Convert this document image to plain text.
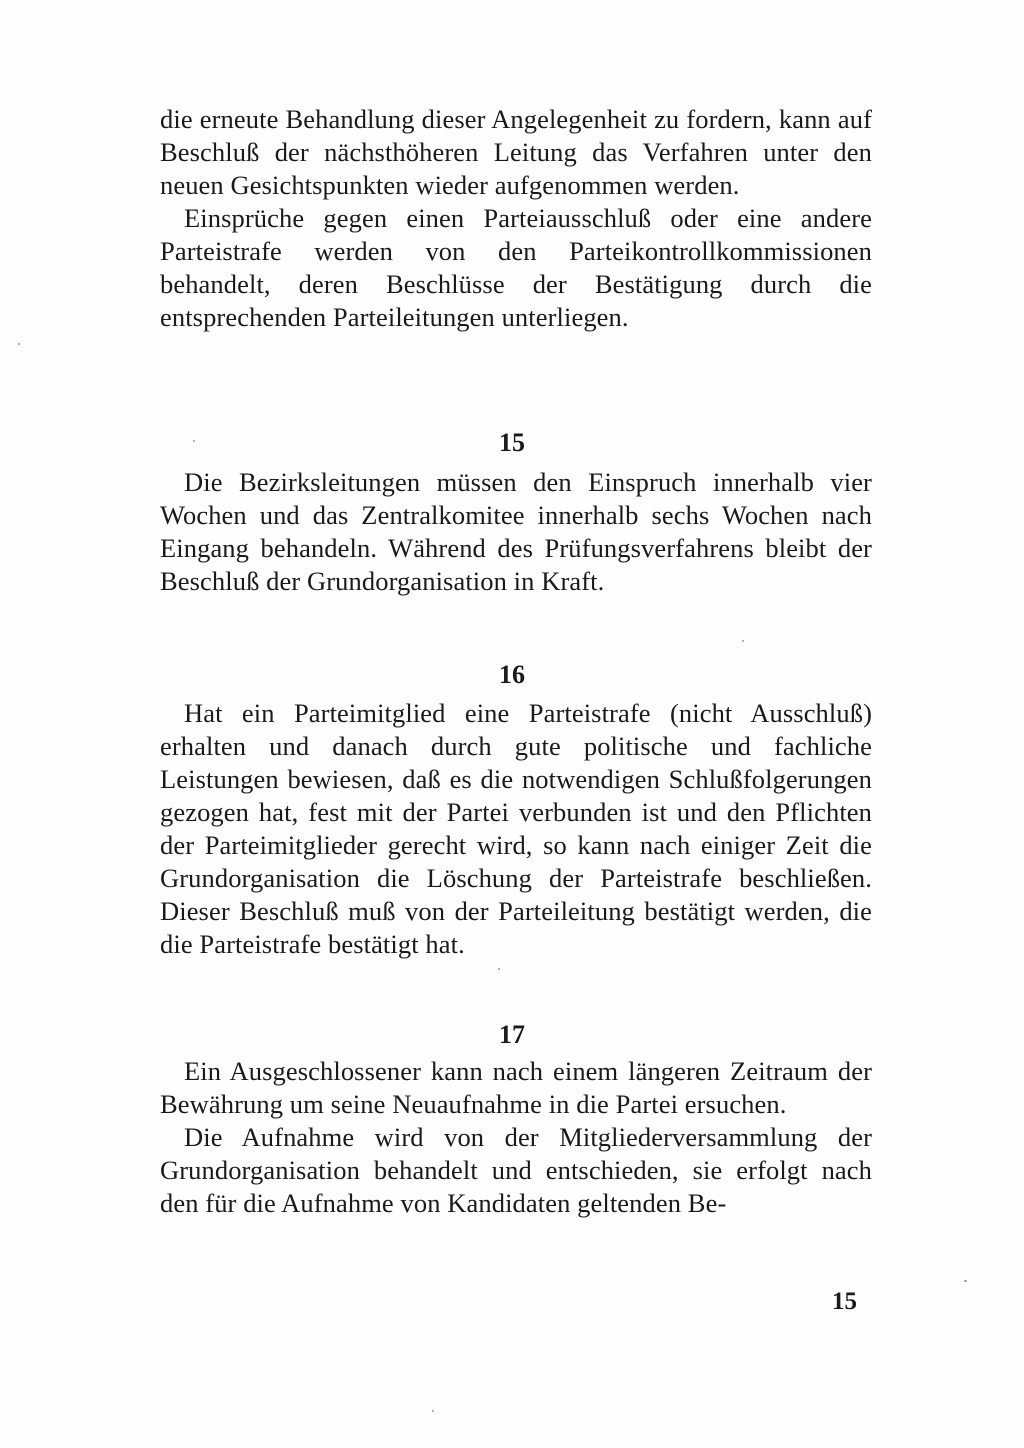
die erneute Behandlung dieser Angelegenheit zu fordern, kann auf Beschluß der nächsthöheren Leitung das Verfahren unter den neuen Gesichtspunkten wieder aufgenommen werden.

Einsprüche gegen einen Parteiausschluß oder eine andere Parteistrafe werden von den Parteikontrollkommissionen behandelt, deren Beschlüsse der Bestätigung durch die entsprechenden Parteileitungen unterliegen.

15

Die Bezirksleitungen müssen den Einspruch innerhalb vier Wochen und das Zentralkomitee innerhalb sechs Wochen nach Eingang behandeln. Während des Prüfungsverfahrens bleibt der Beschluß der Grundorganisation in Kraft.

16

Hat ein Parteimitglied eine Parteistrafe (nicht Ausschluß) erhalten und danach durch gute politische und fachliche Leistungen bewiesen, daß es die notwendigen Schlußfolgerungen gezogen hat, fest mit der Partei verbunden ist und den Pflichten der Parteimitglieder gerecht wird, so kann nach einiger Zeit die Grundorganisation die Löschung der Parteistrafe beschließen. Dieser Beschluß muß von der Parteileitung bestätigt werden, die die Parteistrafe bestätigt hat.

17

Ein Ausgeschlossener kann nach einem längeren Zeitraum der Bewährung um seine Neuaufnahme in die Partei ersuchen.

Die Aufnahme wird von der Mitgliederversammlung der Grundorganisation behandelt und entschieden, sie erfolgt nach den für die Aufnahme von Kandidaten geltenden Be-

15
